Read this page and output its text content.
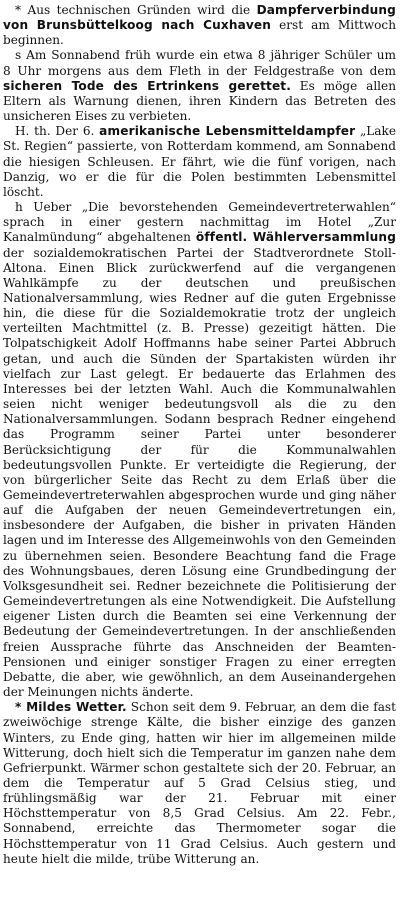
* Aus technischen Gründen wird die Dampferverbindung von Brunsbüttelkoog nach Cuxhaven erst am Mittwoch beginnen.

s Am Sonnabend früh wurde ein etwa 8 jähriger Schüler um 8 Uhr morgens aus dem Fleth in der Feldgestraße von dem sicheren Tode des Ertrinkens gerettet. Es möge allen Eltern als Warnung dienen, ihren Kindern das Betreten des unsicheren Eises zu verbieten.

H. th. Der 6. amerikanische Lebensmitteldampfer „Lake St. Regien“ passierte, von Rotterdam kommend, am Sonnabend die hiesigen Schleusen. Er fährt, wie die fünf vorigen, nach Danzig, wo er die für die Polen bestimmten Lebensmittel löscht.

h Ueber „Die bevorstehenden Gemeindevertreterwahlen“ sprach in einer gestern nachmittag im Hotel „Zur Kanalmündung“ abgehaltenen öffentl. Wählerversammlung der sozialdemokratischen Partei der Stadtverordnete Stoll-Altona. Einen Blick zurückwerfend auf die vergangenen Wahlkämpfe zu der deutschen und preußischen Nationalversammlung, wies Redner auf die guten Ergebnisse hin, die diese für die Sozialdemokratie trotz der ungleich verteilten Machtmittel (z. B. Presse) gezeitigt hätten. Die Tolpatschigkeit Adolf Hoffmanns habe seiner Partei Abbruch getan, und auch die Sünden der Spartakisten würden ihr vielfach zur Last gelegt. Er bedauerte das Erlahmen des Interesses bei der letzten Wahl. Auch die Kommunalwahlen seien nicht weniger bedeutungsvoll als die zu den Nationalversammlungen. Sodann besprach Redner eingehend das Programm seiner Partei unter besonderer Berücksichtigung der für die Kommunalwahlen bedeutungsvollen Punkte. Er verteidigte die Regierung, der von bürgerlicher Seite das Recht zu dem Erlaß über die Gemeindevertreterwahlen abgesprochen wurde und ging näher auf die Aufgaben der neuen Gemeindevertretungen ein, insbesondere der Aufgaben, die bisher in privaten Händen lagen und im Interesse des Allgemeinwohls von den Gemeinden zu übernehmen seien. Besondere Beachtung fand die Frage des Wohnungsbaues, deren Lösung eine Grundbedingung der Volksgesundheit sei. Redner bezeichnete die Politisierung der Gemeindevertretungen als eine Notwendigkeit. Die Aufstellung eigener Listen durch die Beamten sei eine Verkennung der Bedeutung der Gemeindevertretungen. In der anschließenden freien Aussprache führte das Anschneiden der Beamten-Pensionen und einiger sonstiger Fragen zu einer erregten Debatte, die aber, wie gewöhnlich, an dem Auseinandergehen der Meinungen nichts änderte.

* Mildes Wetter. Schon seit dem 9. Februar, an dem die fast zweiwöchige strenge Kälte, die bisher einzige des ganzen Winters, zu Ende ging, hatten wir hier im allgemeinen milde Witterung, doch hielt sich die Temperatur im ganzen nahe dem Gefrierpunkt. Wärmer schon gestaltete sich der 20. Februar, an dem die Temperatur auf 5 Grad Celsius stieg, und frühlingsmäßig war der 21. Februar mit einer Höchsttemperatur von 8,5 Grad Celsius. Am 22. Febr., Sonnabend, erreichte das Thermometer sogar die Höchsttemperatur von 11 Grad Celsius. Auch gestern und heute hielt die milde, trübe Witterung an.
